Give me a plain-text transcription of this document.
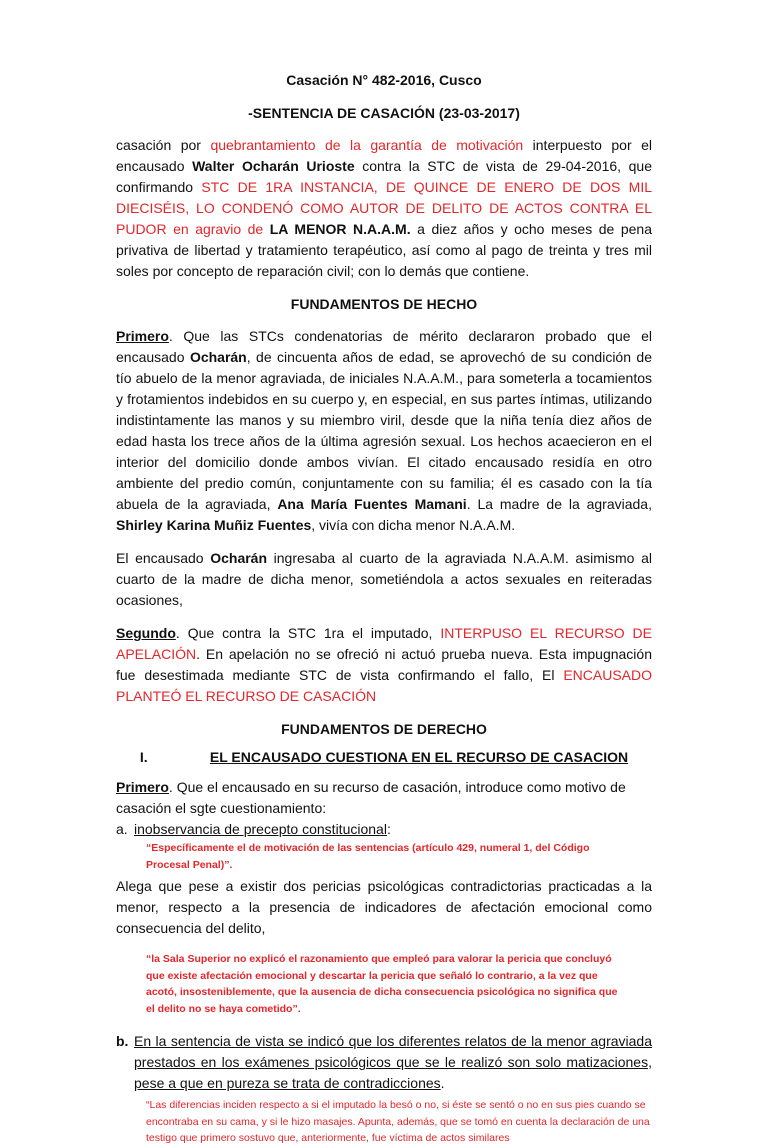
Casación N° 482-2016, Cusco
-SENTENCIA DE CASACIÓN (23-03-2017)

casación por quebrantamiento de la garantía de motivación interpuesto por el encausado Walter Ocharán Urioste contra la STC de vista de 29-04-2016, que confirmando STC DE 1RA INSTANCIA, DE QUINCE DE ENERO DE DOS MIL DIECISÉIS, LO CONDENÓ COMO AUTOR DE DELITO DE ACTOS CONTRA EL PUDOR en agravio de LA MENOR N.A.A.M. a diez años y ocho meses de pena privativa de libertad y tratamiento terapéutico, así como al pago de treinta y tres mil soles por concepto de reparación civil; con lo demás que contiene.

FUNDAMENTOS DE HECHO

Primero. Que las STCs condenatorias de mérito declararon probado que el encausado Ocharán, de cincuenta años de edad, se aprovechó de su condición de tío abuelo de la menor agraviada, de iniciales N.A.A.M., para someterla a tocamientos y frotamientos indebidos en su cuerpo y, en especial, en sus partes íntimas, utilizando indistintamente las manos y su miembro viril, desde que la niña tenía diez años de edad hasta los trece años de la última agresión sexual. Los hechos acaecieron en el interior del domicilio donde ambos vivían. El citado encausado residía en otro ambiente del predio común, conjuntamente con su familia; él es casado con la tía abuela de la agraviada, Ana María Fuentes Mamani. La madre de la agraviada, Shirley Karina Muñiz Fuentes, vivía con dicha menor N.A.A.M.

El encausado Ocharán ingresaba al cuarto de la agraviada N.A.A.M. asimismo al cuarto de la madre de dicha menor, sometiéndola a actos sexuales en reiteradas ocasiones,

Segundo. Que contra la STC 1ra el imputado, INTERPUSO EL RECURSO DE APELACIÓN. En apelación no se ofreció ni actuó prueba nueva. Esta impugnación fue desestimada mediante STC de vista confirmando el fallo, El ENCAUSADO PLANTEÓ EL RECURSO DE CASACIÓN

FUNDAMENTOS DE DERECHO
I.	EL ENCAUSADO CUESTIONA EN EL RECURSO DE CASACION

Primero. Que el encausado en su recurso de casación, introduce como motivo de casación el sgte cuestionamiento:

a. inobservancia de precepto constitucional:

“Específicamente el de motivación de las sentencias (artículo 429, numeral 1, del Código Procesal Penal)”.

Alega que pese a existir dos pericias psicológicas contradictorias practicadas a la menor, respecto a la presencia de indicadores de afectación emocional como consecuencia del delito,

“la Sala Superior no explicó el razonamiento que empleó para valorar la pericia que concluyó que existe afectación emocional y descartar la pericia que señaló lo contrario, a la vez que acotó, insosteniblemente, que la ausencia de dicha consecuencia psicológica no significa que el delito no se haya cometido”.

b. En la sentencia de vista se indicó que los diferentes relatos de la menor agraviada prestados en los exámenes psicológicos que se le realizó son solo matizaciones, pese a que en pureza se trata de contradicciones.

“Las diferencias inciden respecto a si el imputado la besó o no, si éste se sentó o no en sus pies cuando se encontraba en su cama, y si le hizo masajes. Apunta, además, que se tomó en cuenta la declaración de una testigo que primero sostuvo que, anteriormente, fue víctima de actos similares
